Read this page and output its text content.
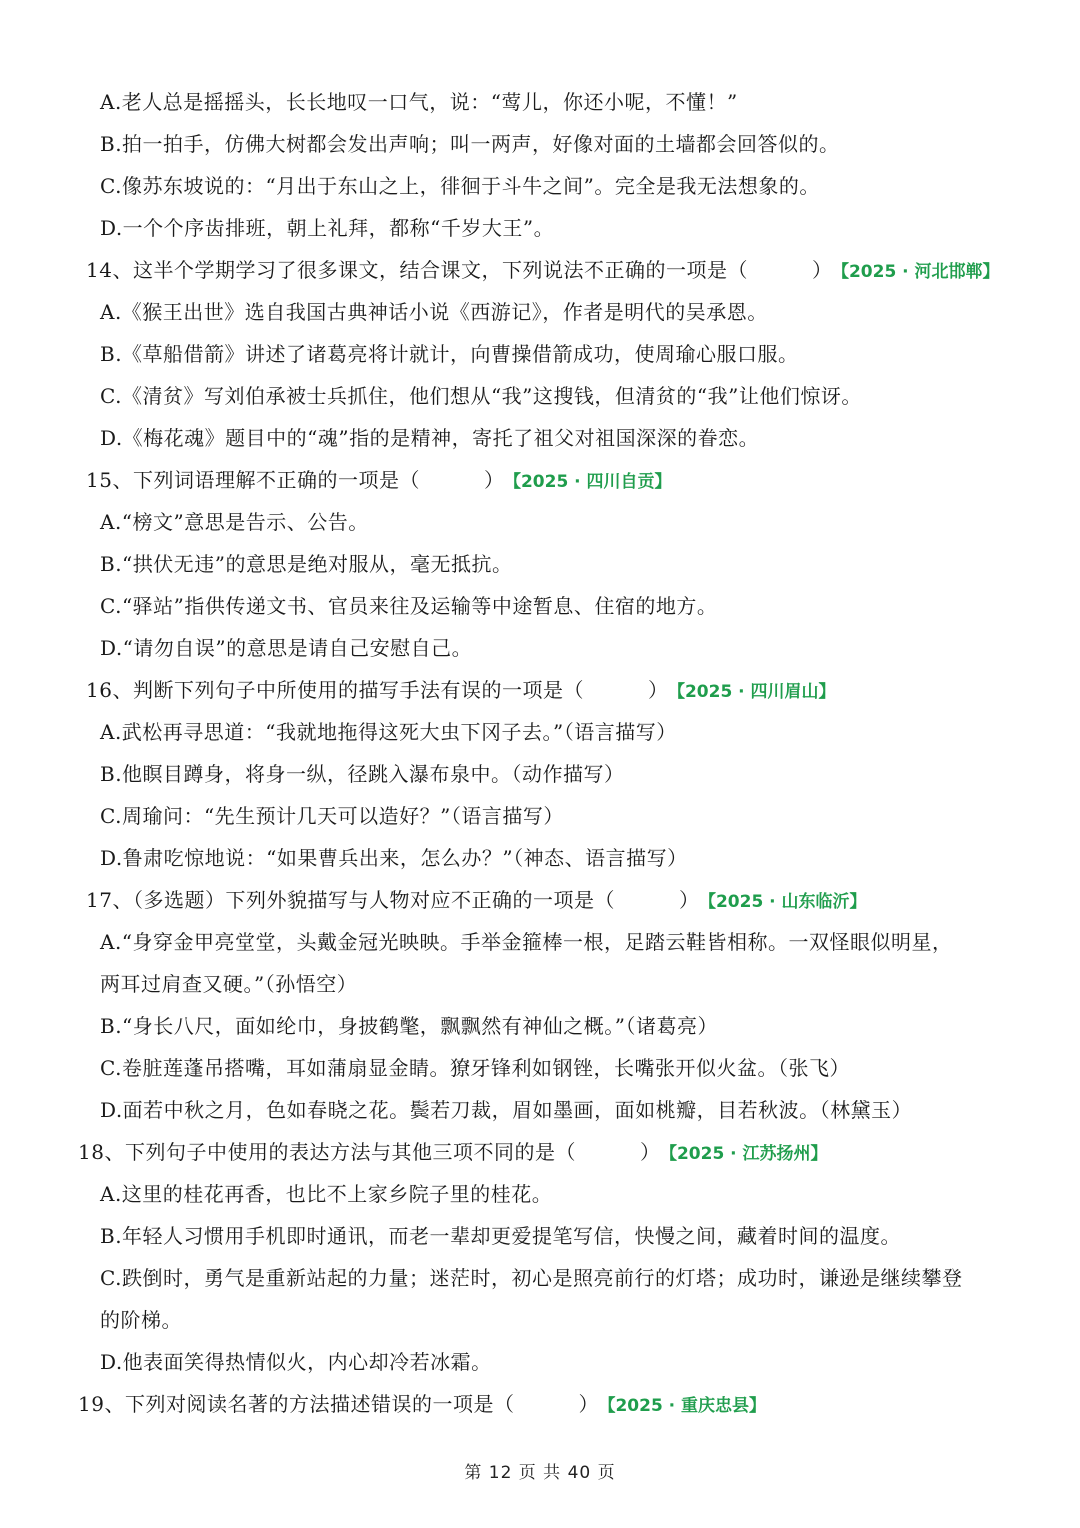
A.老人总是摇摇头，长长地叹一口气，说：“莺儿，你还小呢，不懂！”
B.拍一拍手，仿佛大树都会发出声响；叫一两声，好像对面的土墙都会回答似的。
C.像苏东坡说的：“月出于东山之上，徘徊于斗牛之间”。完全是我无法想象的。
D.一个个序齿排班，朝上礼拜，都称“千岁大王”。
14、这半个学期学习了很多课文，结合课文，下列说法不正确的一项是（	） 【2025 · 河北邯郸】
A.《猴王出世》选自我国古典神话小说《西游记》，作者是明代的吴承恩。
B.《草船借箭》讲述了诸葛亮将计就计，向曹操借箭成功，使周瑜心服口服。
C.《清贫》写刘伯承被士兵抓住，他们想从“我”这搜钱，但清贫的“我”让他们惊讶。
D.《梅花魂》题目中的“魂”指的是精神，寄托了祖父对祖国深深的眷恋。
15、下列词语理解不正确的一项是（	） 【2025 · 四川自贡】
A.“榜文”意思是告示、公告。
B.“拱伏无违”的意思是绝对服从，毫无抵抗。
C.“驿站”指供传递文书、官员来往及运输等中途暂息、住宿的地方。
D.“请勿自误”的意思是请自己安慰自己。
16、判断下列句子中所使用的描写手法有误的一项是（	） 【2025 · 四川眉山】
A.武松再寻思道：“我就地拖得这死大虫下冈子去。”（语言描写）
B.他瞑目蹲身，将身一纵，径跳入瀑布泉中。（动作描写）
C.周瑜问：“先生预计几天可以造好？”（语言描写）
D.鲁肃吃惊地说：“如果曹兵出来，怎么办？”（神态、语言描写）
17、（多选题）下列外貌描写与人物对应不正确的一项是（	） 【2025 · 山东临沂】
A.“身穿金甲亮堂堂，头戴金冠光映映。手举金箍棒一根，足踏云鞋皆相称。一双怪眼似明星，
两耳过肩查又硬。”（孙悟空）
B.“身长八尺，面如纶巾，身披鹤氅，飘飘然有神仙之概。”（诸葛亮）
C.卷脏莲蓬吊搭嘴，耳如蒲扇显金睛。獠牙锋利如钢锉，长嘴张开似火盆。（张飞）
D.面若中秋之月，色如春晓之花。鬓若刀裁，眉如墨画，面如桃瓣，目若秋波。（林黛玉）
18、下列句子中使用的表达方法与其他三项不同的是（	） 【2025 · 江苏扬州】
A.这里的桂花再香，也比不上家乡院子里的桂花。
B.年轻人习惯用手机即时通讯，而老一辈却更爱提笔写信，快慢之间，藏着时间的温度。
C.跌倒时，勇气是重新站起的力量；迷茫时，初心是照亮前行的灯塔；成功时，谦逊是继续攀登
的阶梯。
D.他表面笑得热情似火，内心却冷若冰霜。
19、下列对阅读名著的方法描述错误的一项是（	） 【2025 · 重庆忠县】
第 12 页 共 40 页
